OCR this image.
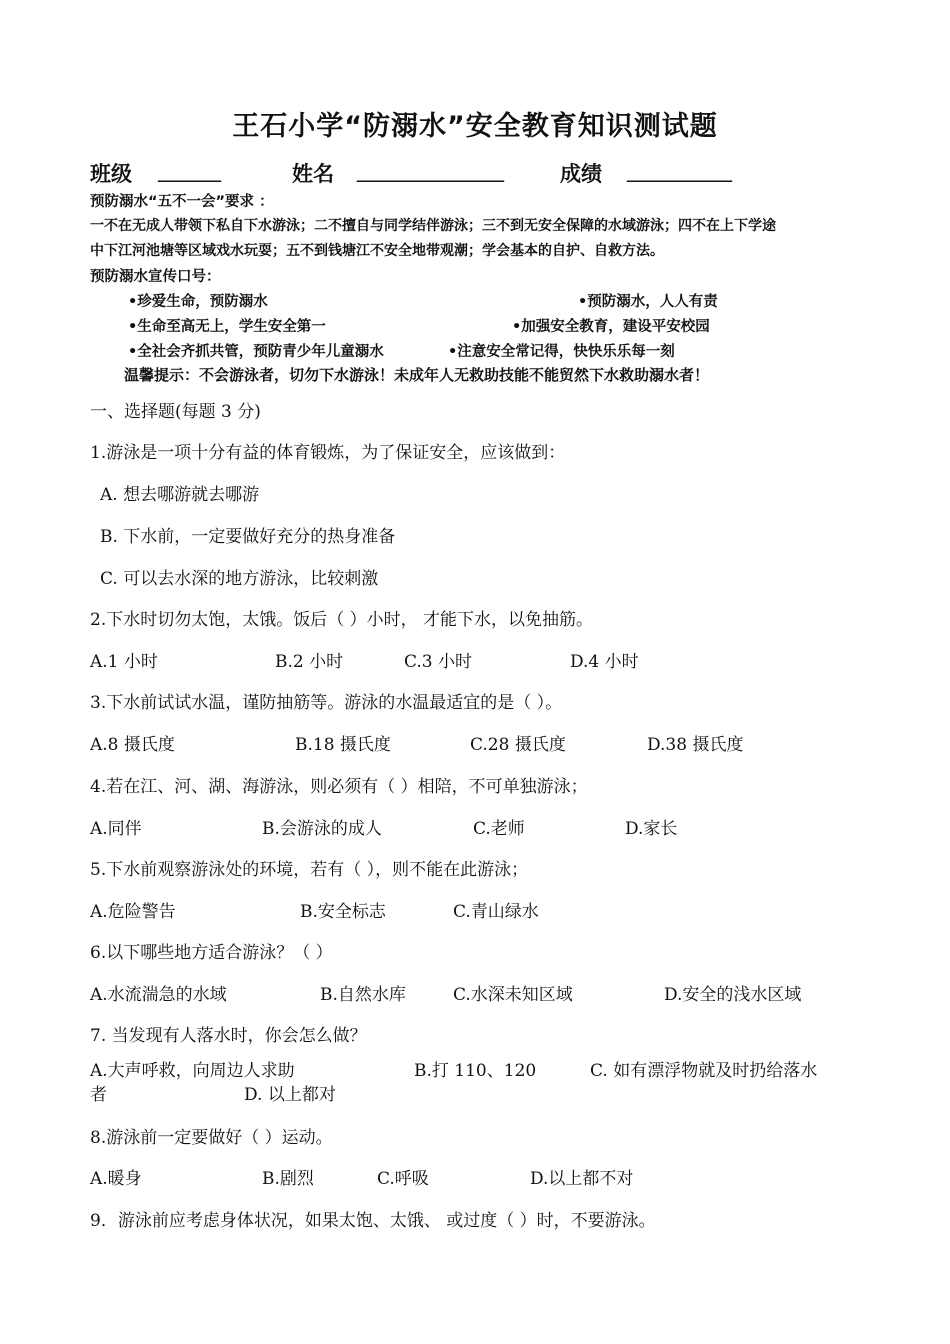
王石小学“防溺水”安全教育知识测试题
班级 ______	姓名 ______________	成绩 __________
预防溺水“五不一会”要求 ：
一不在无成人带领下私自下水游泳；二不擅自与同学结伴游泳；三不到无安全保障的水域游泳；四不在上下学途
中下江河池塘等区域戏水玩耍；五不到钱塘江不安全地带观潮；学会基本的自护、自救方法。
预防溺水宣传口号：
•珍爱生命，预防溺水	•预防溺水，人人有责
•生命至高无上，学生安全第一	•加强安全教育，建设平安校园
•全社会齐抓共管，预防青少年儿童溺水	•注意安全常记得，快快乐乐每一刻
温馨提示：不会游泳者，切勿下水游泳！未成年人无救助技能不能贸然下水救助溺水者！
一、选择题(每题 3 分)
1.游泳是一项十分有益的体育锻炼，为了保证安全，应该做到：
A. 想去哪游就去哪游
B. 下水前，一定要做好充分的热身准备
C. 可以去水深的地方游泳，比较刺激
2.下水时切勿太饱，太饿。饭后（ ）小时， 才能下水，以免抽筋。
A.1 小时	B.2 小时	C.3 小时	D.4 小时
3.下水前试试水温，谨防抽筋等。游泳的水温最适宜的是（ ）。
A.8 摄氏度	B.18 摄氏度	C.28 摄氏度	D.38 摄氏度
4.若在江、河、湖、海游泳，则必须有（ ）相陪，不可单独游泳；
A.同伴	B.会游泳的成人	C.老师	D.家长
5.下水前观察游泳处的环境，若有（ ），则不能在此游泳；
A.危险警告	B.安全标志	C.青山绿水
6.以下哪些地方适合游泳？（ ）
A.水流湍急的水域	B.自然水库	C.水深未知区域	D.安全的浅水区域
7. 当发现有人落水时，你会怎么做？
A.大声呼救，向周边人求助	B.打 110、120	C. 如有漂浮物就及时扔给落水
者	D. 以上都对
8.游泳前一定要做好（ ）运动。
A.暖身	B.剧烈	C.呼吸	D.以上都不对
9．游泳前应考虑身体状况，如果太饱、太饿、 或过度（ ）时，不要游泳。
